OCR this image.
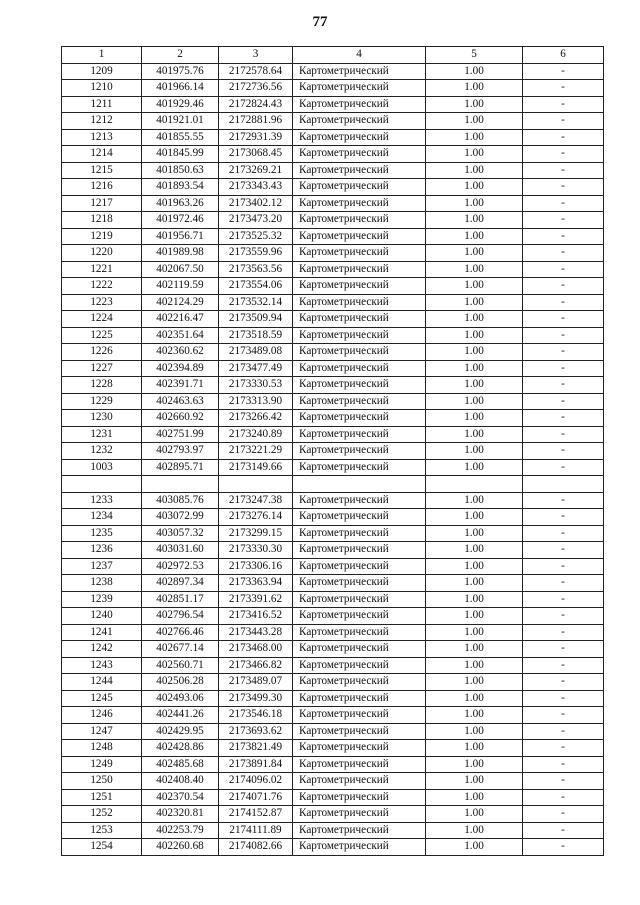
77
1	2	3	4	5	6
1209	401975.76	2172578.64	Картометрический	1.00	-
1210	401966.14	2172736.56	Картометрический	1.00	-
1211	401929.46	2172824.43	Картометрический	1.00	-
1212	401921.01	2172881.96	Картометрический	1.00	-
1213	401855.55	2172931.39	Картометрический	1.00	-
1214	401845.99	2173068.45	Картометрический	1.00	-
1215	401850.63	2173269.21	Картометрический	1.00	-
1216	401893.54	2173343.43	Картометрический	1.00	-
1217	401963.26	2173402.12	Картометрический	1.00	-
1218	401972.46	2173473.20	Картометрический	1.00	-
1219	401956.71	2173525.32	Картометрический	1.00	-
1220	401989.98	2173559.96	Картометрический	1.00	-
1221	402067.50	2173563.56	Картометрический	1.00	-
1222	402119.59	2173554.06	Картометрический	1.00	-
1223	402124.29	2173532.14	Картометрический	1.00	-
1224	402216.47	2173509.94	Картометрический	1.00	-
1225	402351.64	2173518.59	Картометрический	1.00	-
1226	402360.62	2173489.08	Картометрический	1.00	-
1227	402394.89	2173477.49	Картометрический	1.00	-
1228	402391.71	2173330.53	Картометрический	1.00	-
1229	402463.63	2173313.90	Картометрический	1.00	-
1230	402660.92	2173266.42	Картометрический	1.00	-
1231	402751.99	2173240.89	Картометрический	1.00	-
1232	402793.97	2173221.29	Картометрический	1.00	-
1003	402895.71	2173149.66	Картометрический	1.00	-

1233	403085.76	2173247.38	Картометрический	1.00	-
1234	403072.99	2173276.14	Картометрический	1.00	-
1235	403057.32	2173299.15	Картометрический	1.00	-
1236	403031.60	2173330.30	Картометрический	1.00	-
1237	402972.53	2173306.16	Картометрический	1.00	-
1238	402897.34	2173363.94	Картометрический	1.00	-
1239	402851.17	2173391.62	Картометрический	1.00	-
1240	402796.54	2173416.52	Картометрический	1.00	-
1241	402766.46	2173443.28	Картометрический	1.00	-
1242	402677.14	2173468.00	Картометрический	1.00	-
1243	402560.71	2173466.82	Картометрический	1.00	-
1244	402506.28	2173489.07	Картометрический	1.00	-
1245	402493.06	2173499.30	Картометрический	1.00	-
1246	402441.26	2173546.18	Картометрический	1.00	-
1247	402429.95	2173693.62	Картометрический	1.00	-
1248	402428.86	2173821.49	Картометрический	1.00	-
1249	402485.68	2173891.84	Картометрический	1.00	-
1250	402408.40	2174096.02	Картометрический	1.00	-
1251	402370.54	2174071.76	Картометрический	1.00	-
1252	402320.81	2174152.87	Картометрический	1.00	-
1253	402253.79	2174111.89	Картометрический	1.00	-
1254	402260.68	2174082.66	Картометрический	1.00	-
